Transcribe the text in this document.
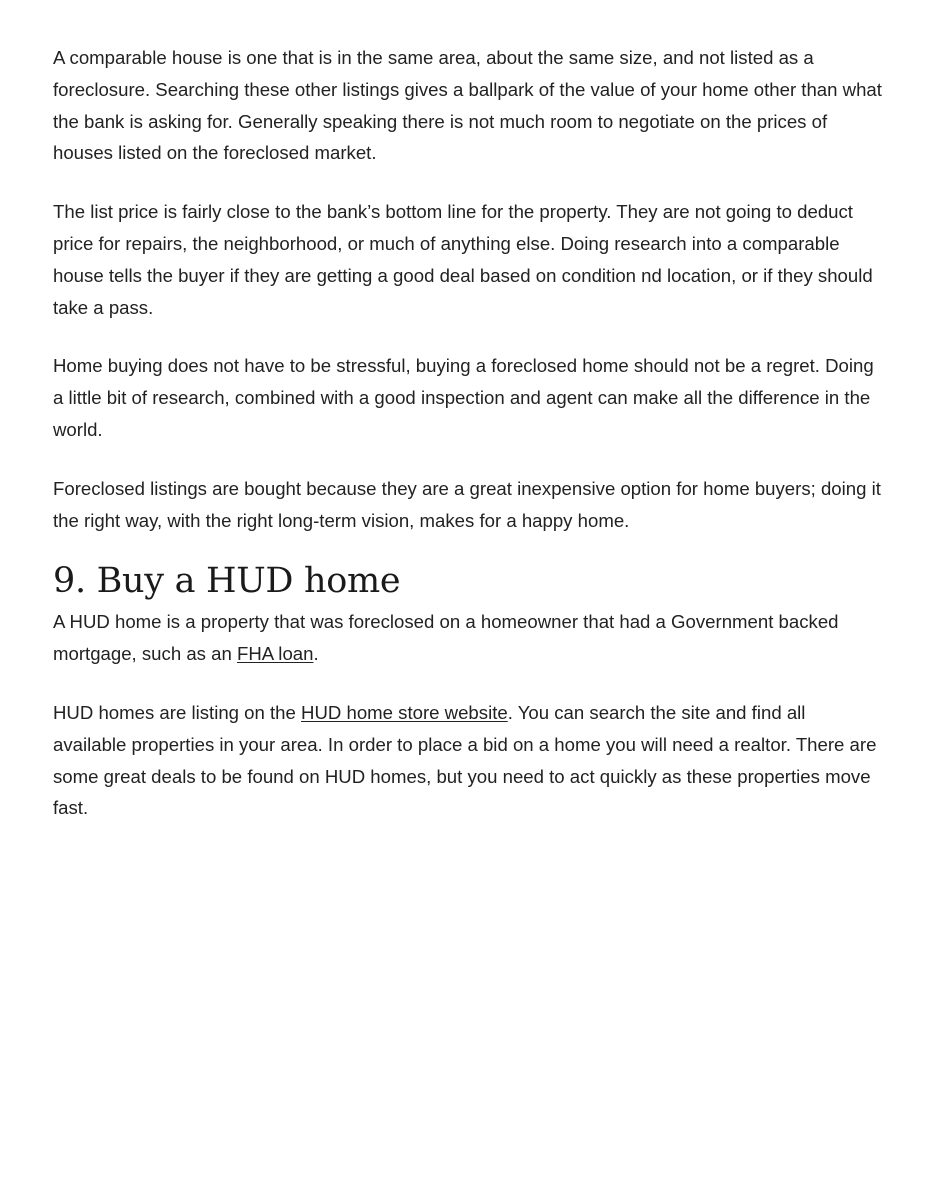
A comparable house is one that is in the same area, about the same size, and not listed as a foreclosure. Searching these other listings gives a ballpark of the value of your home other than what the bank is asking for. Generally speaking there is not much room to negotiate on the prices of houses listed on the foreclosed market.

The list price is fairly close to the bank’s bottom line for the property. They are not going to deduct price for repairs, the neighborhood, or much of anything else. Doing research into a comparable house tells the buyer if they are getting a good deal based on condition nd location, or if they should take a pass.

Home buying does not have to be stressful, buying a foreclosed home should not be a regret. Doing a little bit of research, combined with a good inspection and agent can make all the difference in the world.

Foreclosed listings are bought because they are a great inexpensive option for home buyers; doing it the right way, with the right long-term vision, makes for a happy home.

9. Buy a HUD home

A HUD home is a property that was foreclosed on a homeowner that had a Government backed mortgage, such as an FHA loan.

HUD homes are listing on the HUD home store website. You can search the site and find all available properties in your area. In order to place a bid on a home you will need a realtor. There are some great deals to be found on HUD homes, but you need to act quickly as these properties move fast.
